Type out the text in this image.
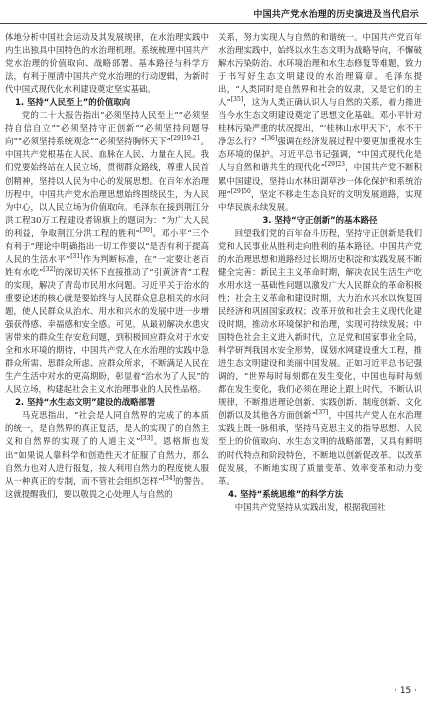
中国共产党水治理的历史演进及当代启示

体地分析中国社会运动及其发展规律，在水治理实践中内生出独具中国特色的水治理机理。系统梳理中国共产党水治理的价值取向、战略部署、基本路径与科学方法，有利于厘清中国共产党水治理的行动逻辑，为新时代中国式现代化水利建设奠定坚实基础。

1. 坚持“人民至上”的价值取向

党的二十大报告指出“必须坚持人民至上”“必须坚持自信自立”“必须坚持守正创新”“必须坚持问题导向”“必须坚持系统观念”“必须坚持胸怀天下”$^{[29]19-21}$。中国共产党根基在人民、血脉在人民、力量在人民。我们党要始终站在人民立场，贯彻群众路线，尊重人民首创精神，坚持以人民为中心的发展思想。在百年水治理历程中，中国共产党水治理思想始终围绕民生，为人民为中心，以人民立场为价值取向。毛泽东在接到荆江分洪工程30万工程建设者锦旗上的题词为：“为广大人民的利益，争取荆江分洪工程的胜利”[30]。邓小平“三个有利于”理论中明确指出一切工作要以“是否有利于提高人民的生活水平”[31]作为判断标准，在“一定要让老百姓有水吃”[32]的深切关怀下直接推动了“引黄济青”工程的实现，解决了青岛市民用水问题。习近平关于治水的重要论述的核心就是要始终与人民群众息息相关的水问题，使人民群众从治水、用水和兴水的发展中进一步增强获得感、幸福感和安全感。可见，从最初解决水患灾害带来的群众生存安危问题，到积极回应群众对于水安全和水环境的期待，中国共产党人在水治理的实践中急群众所需、思群众所虑、应群众所求，不断满足人民在生产生活中对水的更高期盼，彰显着“治水为了人民”的人民立场，构建起社会主义水治理事业的人民性品格。

2. 坚持“水生态文明”建设的战略部署

马克思指出，“社会是人同自然界的完成了的本质的统一，是自然界的真正复活，是人的实现了的自然主义和自然界的实现了的人道主义”[33]。恩格斯也发出“如果说人靠科学和创造性天才征服了自然力，那么自然力也对人进行报复，按人利用自然力的程度使人服从一种真正的专制，而不管社会组织怎样”[34]的警告。这就提醒我们，要以敬畏之心处理人与自然的

关系，努力实现人与自然的和谐统一。中国共产党百年水治理实践中，始终以水生态文明为战略导向，不懈破解水污染防治、水环境治理和水生态修复等难题，致力于书写好生态文明建设的水治理篇章。毛泽东提出，“人类同时是自然界和社会的奴隶，又是它们的主人”[35]，这为人类正确认识人与自然的关系，着力推进当今水生态文明建设奠定了思想文化基础。邓小平针对桂林污染严重的状况提出，“‘桂林山水甲天下’，水不干净怎么行？”[36]强调在经济发展过程中要更加重视水生态环境的保护。习近平总书记强调，“中国式现代化是人与自然和谐共生的现代化”$^{[29]23}$，中国共产党不断积累中国建设，坚持山水林田湖草沙一体化保护和系统治理”$^{[29]50}$，坚定不移走生态良好的文明发展道路，实现中华民族永续发展。

3. 坚持“守正创新”的基本路径

回望我们党的百年奋斗历程，坚持守正创新是我们党和人民事业从胜利走向胜利的基本路径。中国共产党的水治理思想和道路经过长期历史积淀和实践发展不断健全完善：新民主主义革命时期，解决农民生活生产吃水用水这一基础性问题以激发广大人民群众的革命积极性；社会主义革命和建设时期，大力治水兴水以恢复国民经济和巩固国家政权；改革开放和社会主义现代化建设时期，推动水环境保护和治理，实现可持续发展；中国特色社会主义进入新时代，立足党和国家事业全局，科学研判我国水安全形势，谋划水网建设重大工程，推进生态文明建设和美丽中国发展。正如习近平总书记强调的，“世界每时每刻都在发生变化，中国也每时每刻都在发生变化，我们必须在理论上跟上时代，不断认识规律，不断推进理论创新、实践创新、制度创新、文化创新以及其他各方面创新”[37]，中国共产党人在水治理实践上既一脉相承，坚持马克思主义的指导思想、人民至上的价值取向、水生态文明的战略部署，又具有鲜明的时代特点和阶段特色，不断地以创新促改革、以改革促发展，不断地实现了质量变革、效率变革和动力变革。

4. 坚持“系统思维”的科学方法

中国共产党坚持从实践出发，根据我国社

· 15 ·
